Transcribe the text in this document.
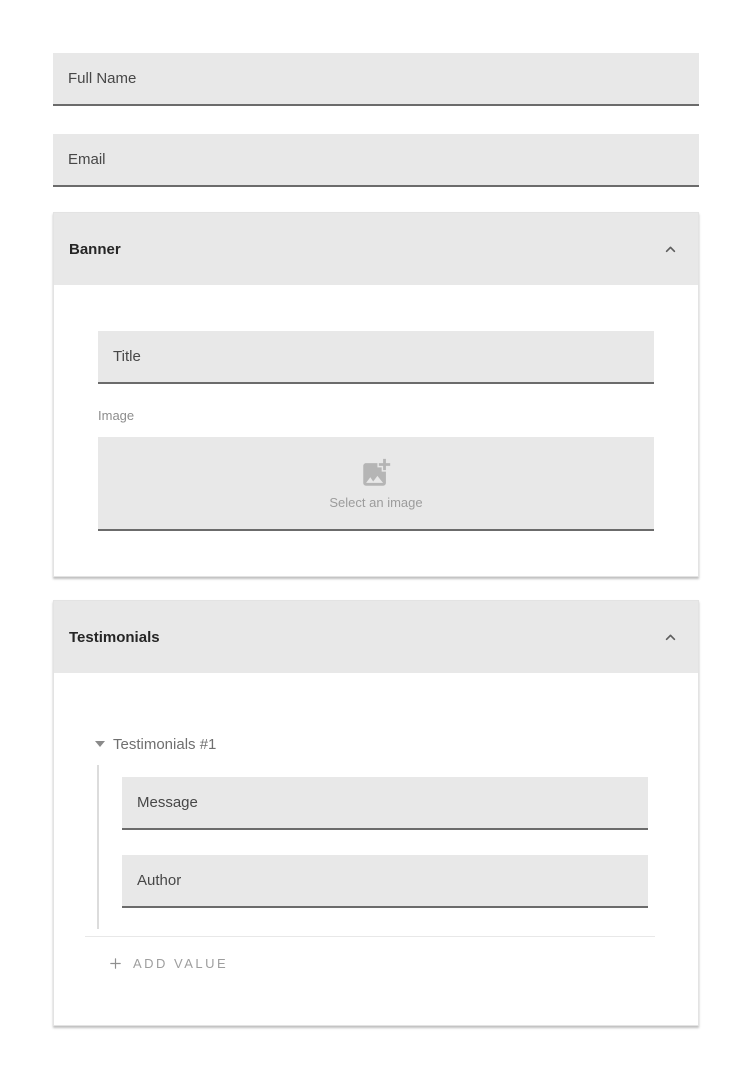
Full Name
Email
Banner
Title
Image
Select an image
Testimonials
Testimonials #1
Message
Author
ADD VALUE
